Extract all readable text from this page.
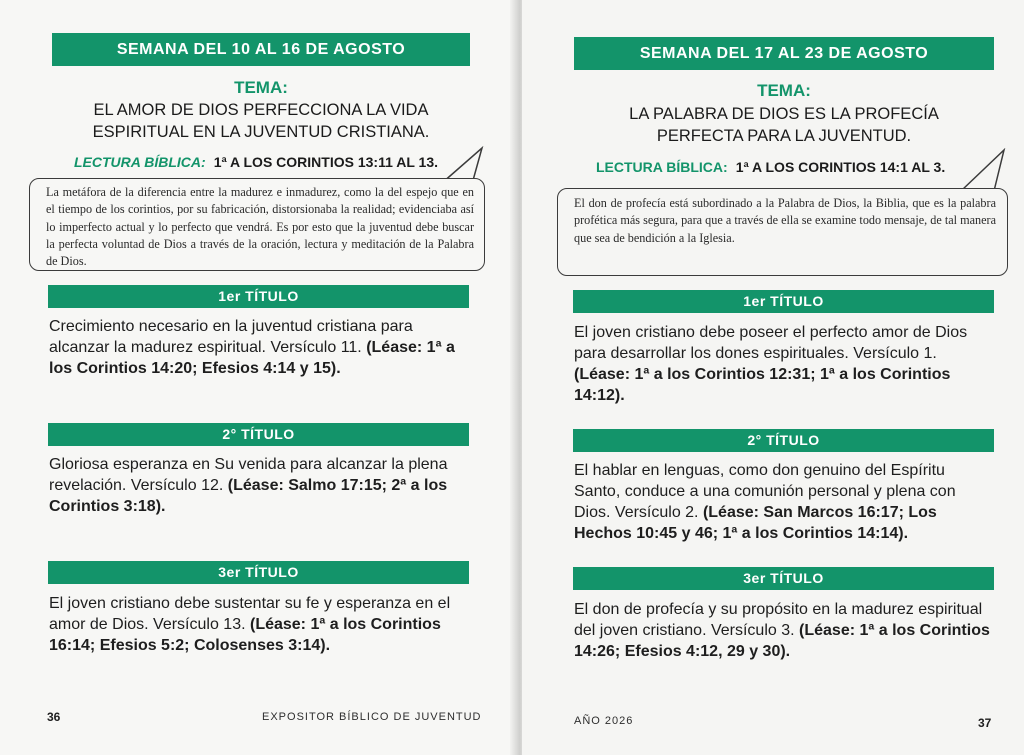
SEMANA DEL 10 AL 16 DE AGOSTO
TEMA:
EL AMOR DE DIOS PERFECCIONA LA VIDA
ESPIRITUAL EN LA JUVENTUD CRISTIANA.
LECTURA BÍBLICA: 1ª A LOS CORINTIOS 13:11 AL 13.
La metáfora de la diferencia entre la madurez e inmadurez, como la del espejo que en el tiempo de los corintios, por su fabricación, distorsionaba la realidad; evidenciaba así lo imperfecto actual y lo perfecto que vendrá. Es por esto que la juventud debe buscar la perfecta voluntad de Dios a través de la oración, lectura y meditación de la Palabra de Dios.
1er TÍTULO
Crecimiento necesario en la juventud cristiana para alcanzar la madurez espiritual. Versículo 11. (Léase: 1ª a los Corintios 14:20; Efesios 4:14 y 15).
2° TÍTULO
Gloriosa esperanza en Su venida para alcanzar la plena revelación. Versículo 12. (Léase: Salmo 17:15; 2ª a los Corintios 3:18).
3er TÍTULO
El joven cristiano debe sustentar su fe y esperanza en el amor de Dios. Versículo 13. (Léase: 1ª a los Corintios 16:14; Efesios 5:2; Colosenses 3:14).
36	EXPOSITOR BÍBLICO DE JUVENTUD
SEMANA DEL 17 AL 23 DE AGOSTO
TEMA:
LA PALABRA DE DIOS ES LA PROFECÍA
PERFECTA PARA LA JUVENTUD.
LECTURA BÍBLICA: 1ª A LOS CORINTIOS 14:1 AL 3.
El don de profecía está subordinado a la Palabra de Dios, la Biblia, que es la palabra profética más segura, para que a través de ella se examine todo mensaje, de tal manera que sea de bendición a la Iglesia.
1er TÍTULO
El joven cristiano debe poseer el perfecto amor de Dios para desarrollar los dones espirituales. Versículo 1. (Léase: 1ª a los Corintios 12:31; 1ª a los Corintios 14:12).
2° TÍTULO
El hablar en lenguas, como don genuino del Espíritu Santo, conduce a una comunión personal y plena con Dios. Versículo 2. (Léase: San Marcos 16:17; Los Hechos 10:45 y 46; 1ª a los Corintios 14:14).
3er TÍTULO
El don de profecía y su propósito en la madurez espiritual del joven cristiano. Versículo 3. (Léase: 1ª a los Corintios 14:26; Efesios 4:12, 29 y 30).
AÑO 2026	37
